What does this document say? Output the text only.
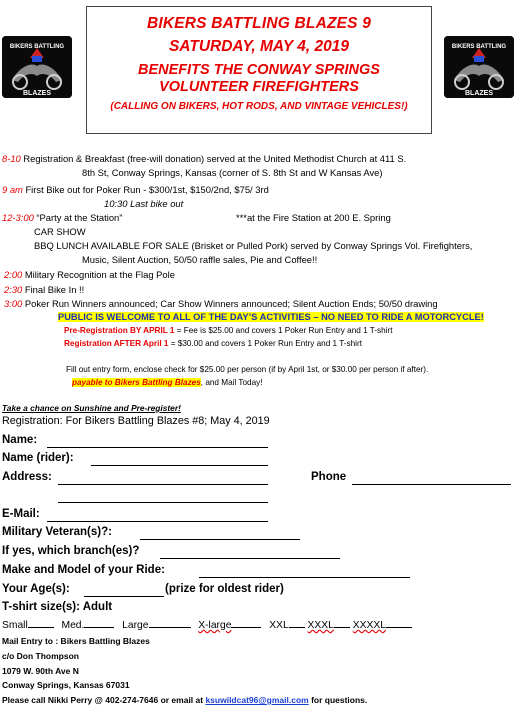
BIKERS BATTLING
BLAZES
BIKERS BATTLING
BLAZES
BIKERS BATTLING BLAZES 9
SATURDAY, MAY 4, 2019
BENEFITS THE CONWAY SPRINGS
VOLUNTEER FIREFIGHTERS
(CALLING ON BIKERS, HOT RODS, AND VINTAGE VEHICLES!)
8-10 Registration & Breakfast (free-will donation) served at the United Methodist Church at 411 S.
8th St, Conway Springs, Kansas (corner of S. 8th St and W Kansas Ave)
9 am First Bike out for Poker Run - $300/1st, $150/2nd, $75/ 3rd
10:30 Last bike out
12-3:00 “Party at the Station”	***at the Fire Station at 200 E. Spring
CAR SHOW
BBQ LUNCH AVAILABLE FOR SALE (Brisket or Pulled Pork) served by Conway Springs Vol. Firefighters,
Music, Silent Auction, 50/50 raffle sales, Pie and Coffee!!
2:00 Military Recognition at the Flag Pole
2:30 Final Bike In !!
3:00 Poker Run Winners announced; Car Show Winners announced; Silent Auction Ends; 50/50 drawing
PUBLIC IS WELCOME TO ALL OF THE DAY’S ACTIVITIES – NO NEED TO RIDE A MOTORCYCLE!
Pre-Registration BY APRIL 1 = Fee is $25.00 and covers 1 Poker Run Entry and 1 T-shirt
Registration AFTER April 1 = $30.00 and covers 1 Poker Run Entry and 1 T-shirt
Fill out entry form, enclose check for $25.00 per person (if by April 1st, or $30.00 per person if after).
payable to Bikers Battling Blazes, and Mail Today!
Take a chance on Sunshine and Pre-register!
Registration: For Bikers Battling Blazes #8; May 4, 2019
Name:
Name (rider):
Address:	Phone
E-Mail:
Military Veteran(s)?:
If yes, which branch(es)?
Make and Model of your Ride:
Your Age(s):	(prize for oldest rider)
T-shirt size(s): Adult
Small	Med.	Large	X-large	XXL XXXL XXXXL
Mail Entry to : Bikers Battling Blazes
c/o Don Thompson
1079 W. 90th Ave N
Conway Springs, Kansas 67031
Please call Nikki Perry @ 402-274-7646 or email at ksuwildcat96@gmail.com for questions.
